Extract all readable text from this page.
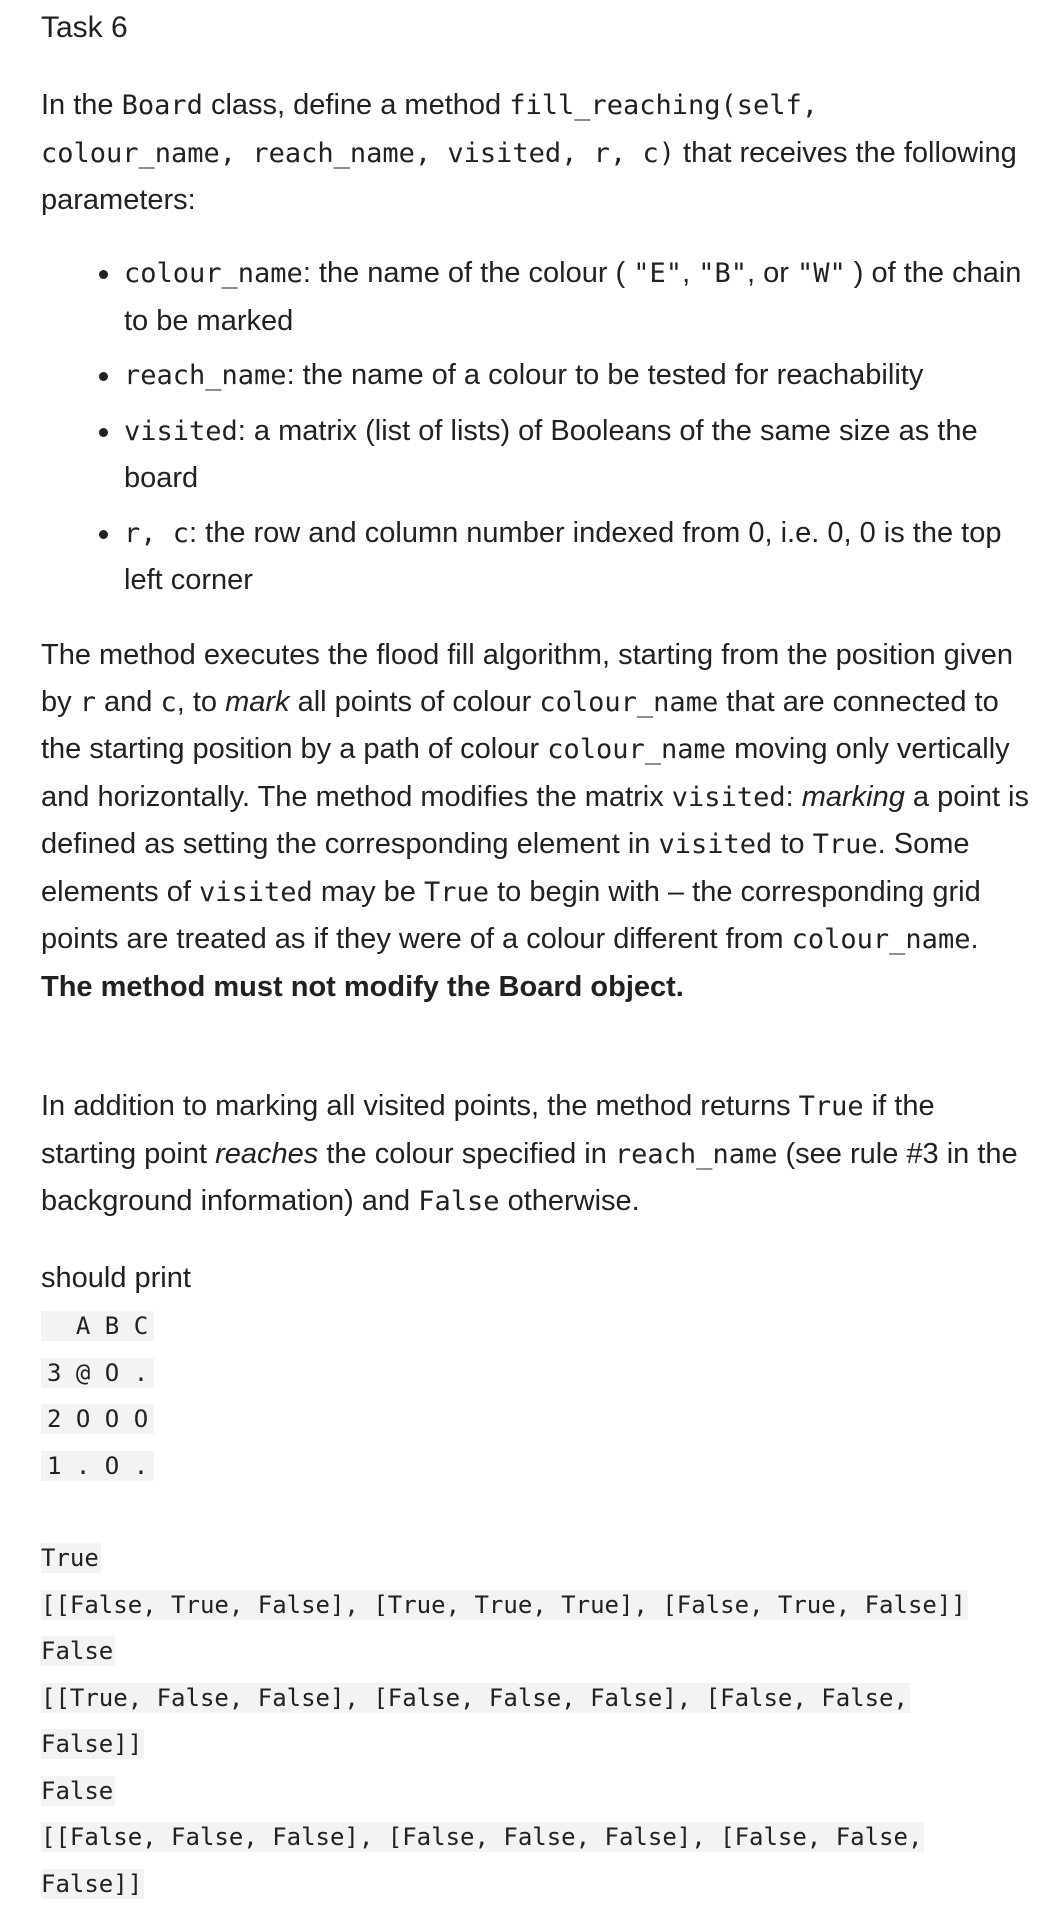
Task 6

In the Board class, define a method fill_reaching(self,
colour_name, reach_name, visited, r, c) that receives the following parameters:

colour_name: the name of the colour ( "E", "B", or "W" ) of the chain to be marked
reach_name: the name of a colour to be tested for reachability
visited: a matrix (list of lists) of Booleans of the same size as the board
r, c: the row and column number indexed from 0, i.e. 0, 0 is the top left corner

The method executes the flood fill algorithm, starting from the position given by r and c, to mark all points of colour colour_name that are connected to the starting position by a path of colour colour_name moving only vertically and horizontally. The method modifies the matrix visited: marking a point is defined as setting the corresponding element in visited to True. Some elements of visited may be True to begin with – the corresponding grid points are treated as if they were of a colour different from colour_name. The method must not modify the Board object.

In addition to marking all visited points, the method returns True if the starting point reaches the colour specified in reach_name (see rule #3 in the background information) and False otherwise.

should print

A B C
3 @ O .
2 O O O
1 . O .
True
[[False, True, False], [True, True, True], [False, True, False]]
False
[[True, False, False], [False, False, False], [False, False,
False]]
False
[[False, False, False], [False, False, False], [False, False,
False]]
